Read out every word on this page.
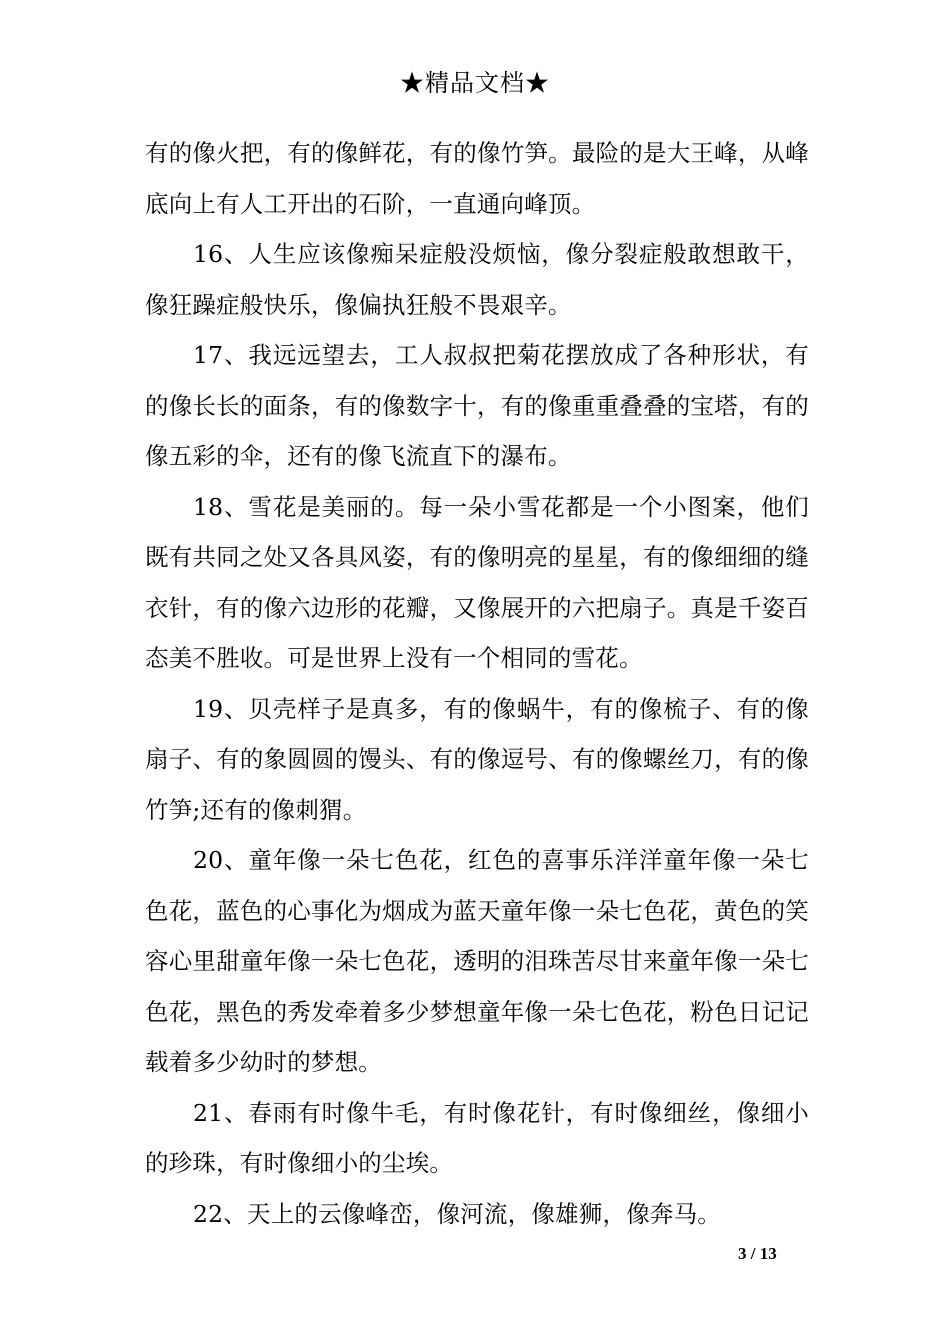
★精品文档★

有的像火把，有的像鲜花，有的像竹笋。最险的是大王峰，从峰底向上有人工开出的石阶，一直通向峰顶。

16、人生应该像痴呆症般没烦恼，像分裂症般敢想敢干，像狂躁症般快乐，像偏执狂般不畏艰辛。

17、我远远望去，工人叔叔把菊花摆放成了各种形状，有的像长长的面条，有的像数字十，有的像重重叠叠的宝塔，有的像五彩的伞，还有的像飞流直下的瀑布。

18、雪花是美丽的。每一朵小雪花都是一个小图案，他们既有共同之处又各具风姿，有的像明亮的星星，有的像细细的缝衣针，有的像六边形的花瓣，又像展开的六把扇子。真是千姿百态美不胜收。可是世界上没有一个相同的雪花。

19、贝壳样子是真多，有的像蜗牛，有的像梳子、有的像扇子、有的象圆圆的馒头、有的像逗号、有的像螺丝刀，有的像竹笋;还有的像刺猬。

20、童年像一朵七色花，红色的喜事乐洋洋童年像一朵七色花，蓝色的心事化为烟成为蓝天童年像一朵七色花，黄色的笑容心里甜童年像一朵七色花，透明的泪珠苦尽甘来童年像一朵七色花，黑色的秀发牵着多少梦想童年像一朵七色花，粉色日记记载着多少幼时的梦想。

21、春雨有时像牛毛，有时像花针，有时像细丝，像细小的珍珠，有时像细小的尘埃。

22、天上的云像峰峦，像河流，像雄狮，像奔马。

3 / 13
